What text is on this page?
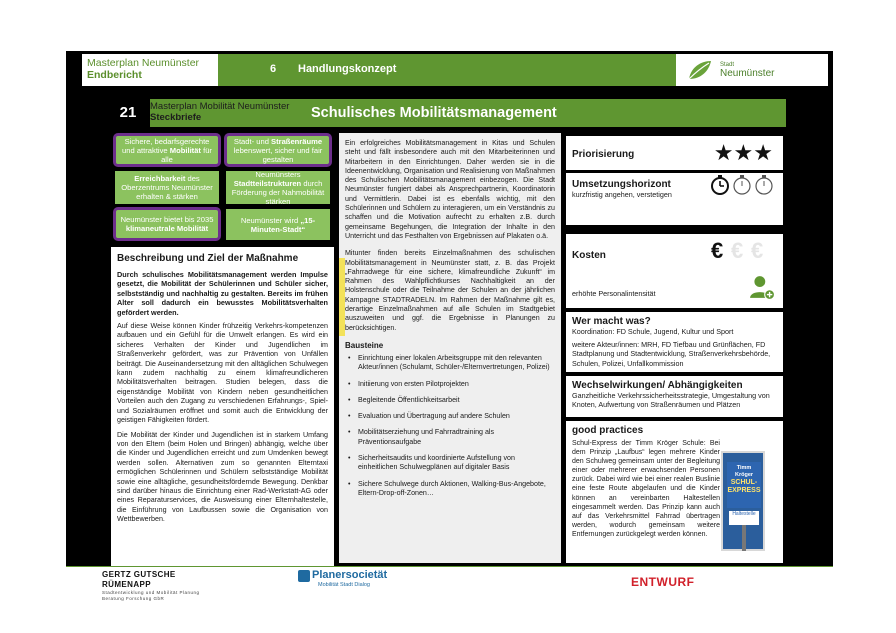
6 Handlungskonzept
Masterplan Neumünster
Endbericht
Stadt
Neumünster
21	Masterplan Mobilität Neumünster
Steckbriefe	Schulisches Mobilitätsmanagement
Sichere, bedarfsgerechte und attraktive Mobilität für alle
Stadt- und Straßenräume lebenswert, sicher und fair gestalten
Erreichbarkeit des Oberzentrums Neumünster erhalten & stärken
Neumünsters Stadtteilstrukturen durch Förderung der Nahmobilität stärken
Neumünster bietet bis 2035 klimaneutrale Mobilität
Neumünster wird „15-Minuten-Stadt“
Beschreibung und Ziel der Maßnahme

Durch schulisches Mobilitätsmanagement werden Impulse gesetzt, die Mobilität der Schülerinnen und Schüler sicher, selbstständig und nachhaltig zu gestalten. Bereits im frühen Alter soll dadurch ein bewusstes Mobilitätsverhalten gefördert werden.

Auf diese Weise können Kinder frühzeitig Verkehrs-kompetenzen aufbauen und ein Gefühl für die Umwelt erlangen. Es wird ein sicheres Verhalten der Kinder und Jugendlichen im Straßenverkehr gefördert, was zur Prävention von Unfällen beiträgt. Die Auseinandersetzung mit den alltäglichen Schulwegen kann zudem nachhaltig zu einem klimafreundlicheren Mobilitätsverhalten beitragen. Studien belegen, dass die eigenständige Mobilität von Kindern neben gesundheitlichen Vorteilen auch den Zugang zu verschiedenen Erfahrungs-, Spiel- und Sozialräumen eröffnet und somit auch die Entwicklung der geistigen Fähigkeiten fördert.

Die Mobilität der Kinder und Jugendlichen ist in starkem Umfang von den Eltern (beim Holen und Bringen) abhängig, welche über die Kinder und Jugendlichen erreicht und zum Umdenken bewegt werden sollen. Alternativen zum so genannten Elterntaxi ermöglichen Schülerinnen und Schülern selbstständige Mobilität sowie eine alltägliche, gesundheitsfördernde Bewegung. Denkbar sind darüber hinaus die Einrichtung einer Rad-Werkstatt-AG oder eines Reparaturservices, die Ausweisung einer Elternhaltestelle, die Einführung von Laufbussen sowie die Organisation von Wettbewerben.

Ein erfolgreiches Mobilitätsmanagement in Kitas und Schulen steht und fällt insbesondere auch mit den Mitarbeiterinnen und Mitarbeitern in den Einrichtungen. Daher werden sie in die Ideenentwicklung, Organisation und Realisierung von Maßnahmen des Schulischen Mobilitätsmanagement einbezogen. Die Stadt Neumünster fungiert dabei als Ansprechpartnerin, Koordinatorin und Vermittlerin. Dabei ist es ebenfalls wichtig, mit den Schülerinnen und Schülern zu interagieren, um ein Verständnis zu schaffen und die Motivation aufrecht zu erhalten z.B. durch gemeinsame Begehungen, die Integration der Inhalte in den Unterricht und das Festhalten von Ergebnissen auf Plakaten o.ä.

Mitunter finden bereits Einzelmaßnahmen des schulischen Mobilitätsmanagement in Neumünster statt, z. B. das Projekt „Fahrradwege für eine sichere, klimafreundliche Zukunft“ im Rahmen des Wahlpflichtkurses Nachhaltigkeit an der Holstenschule oder die Teilnahme der Schulen an der jährlichen Kampagne STADTRADELN. Im Rahmen der Maßnahme gilt es, derartige Einzelmaßnahmen auf alle Schulen im Stadtgebiet auszuweiten und ggf. die Ergebnisse in Planungen zu berücksichtigen.

Bausteine
• Einrichtung einer lokalen Arbeitsgruppe mit den relevanten Akteur/innen (Schulamt, Schüler-/Elternvertretungen, Polizei)
• Initiierung von ersten Pilotprojekten
• Begleitende Öffentlichkeitsarbeit
• Evaluation und Übertragung auf andere Schulen
• Mobilitätserziehung und Fahrradtraining als Präventionsaufgabe
• Sicherheitsaudits und koordinierte Aufstellung von einheitlichen Schulwegplänen auf digitaler Basis
• Sichere Schulwege durch Aktionen, Walking-Bus-Angebote, Eltern-Drop-off-Zonen…
Priorisierung	★★★
Umsetzungshorizont
kurzfristig angehen, verstetigen
Kosten	€ € €
erhöhte Personalintensität
Wer macht was?
Koordination: FD Schule, Jugend, Kultur und Sport
weitere Akteur/innen: MRH, FD Tiefbau und Grünflächen, FD Stadtplanung und Stadtentwicklung, Straßenverkehrsbehörde, Schulen, Polizei, Unfallkommission
Wechselwirkungen/ Abhängigkeiten
Ganzheitliche Verkehrssicherheitsstrategie, Umgestaltung von Knoten, Aufwertung von Straßenräumen und Plätzen
good practices
Schul-Express der Timm Kröger Schule: Bei dem Prinzip „Laufbus“ legen mehrere Kinder den Schulweg gemeinsam unter der Begleitung einer oder mehrerer erwachsenden Personen zurück. Dabei wird wie bei einer realen Buslinie eine feste Route abgelaufen und die Kinder können an vereinbarten Haltestellen eingesammelt werden. Das Prinzip kann auch auf das Verkehrsmittel Fahrrad übertragen werden, wodurch gemeinsam weitere Entfernungen zurückgelegt werden können.
Timm Kröger
SCHUL-
EXPRESS
Haltestelle
GERTZ GUTSCHE RÜMENAPP
Stadtentwicklung und Mobilität Planung Beratung Forschung GbR
Planersocietät
Mobilität Stadt Dialog	ENTWURF
